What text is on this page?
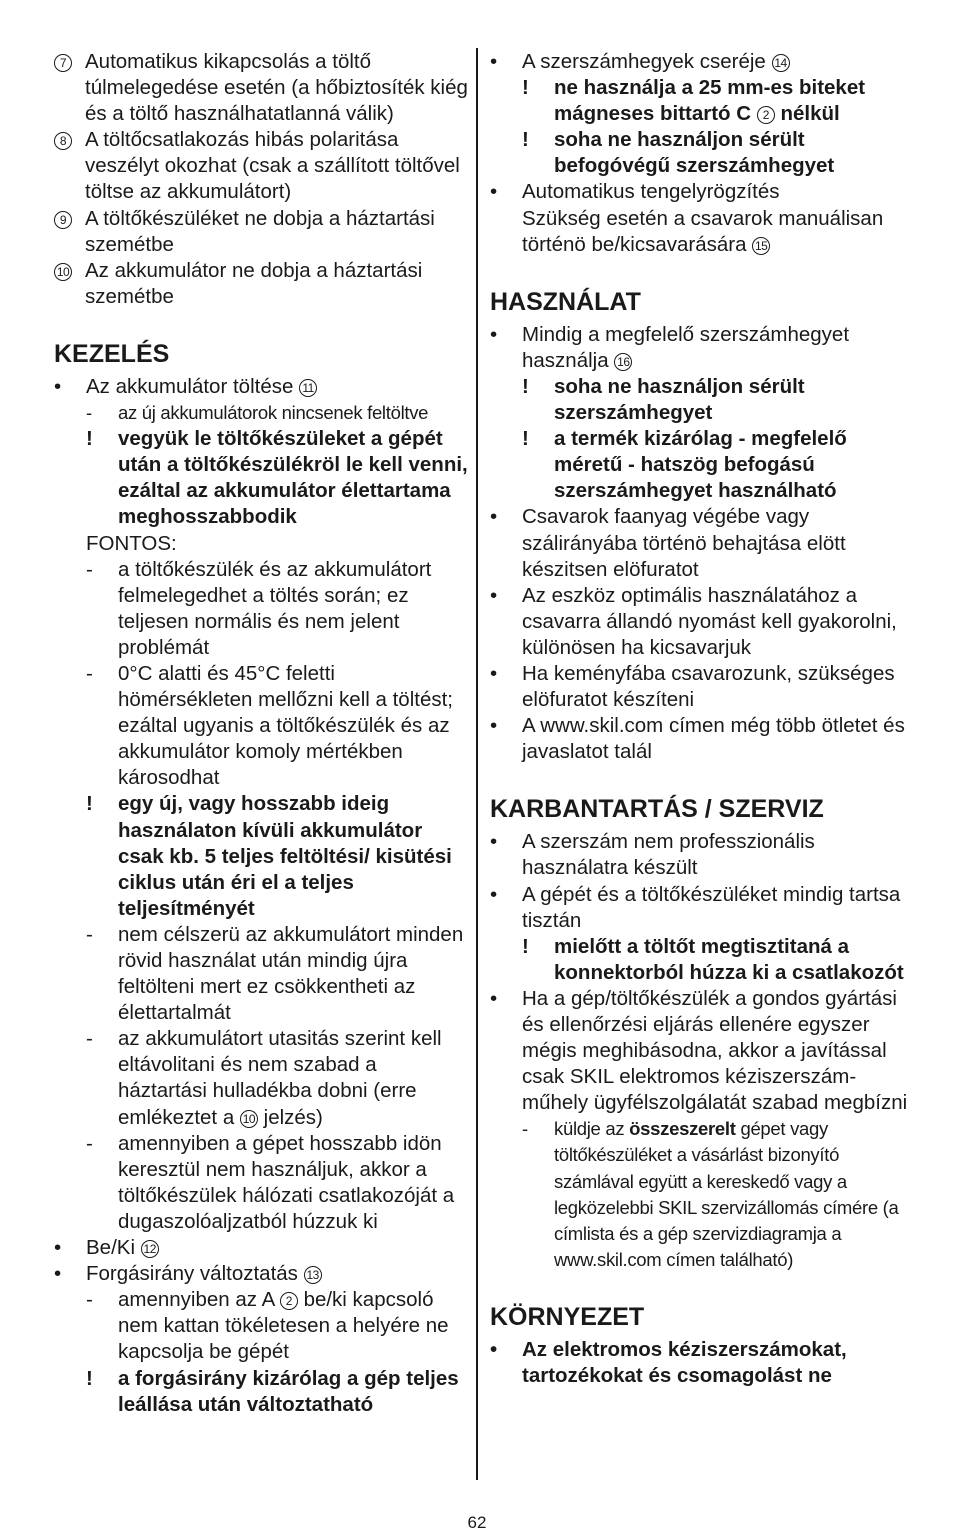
7 Automatikus kikapcsolás a töltő túlmelegedése esetén (a hőbiztosíték kiég és a töltő használhatatlanná válik)
8 A töltőcsatlakozás hibás polaritása veszélyt okozhat (csak a szállított töltővel töltse az akkumulátort)
9 A töltőkészüléket ne dobja a háztartási szemétbe
10 Az akkumulátor ne dobja a háztartási szemétbe
KEZELÉS
•	Az akkumulátor töltése 11
-	az új akkumulátorok nincsenek feltöltve
!	vegyük le töltőkészüleket a gépét után a töltőkészülékröl le kell venni, ezáltal az akkumulátor élettartama meghosszabbodik
FONTOS:
-	a töltőkészülék és az akkumulátort felmelegedhet a töltés során; ez teljesen normális és nem jelent problémát
-	0°C alatti és 45°C feletti hömérsékleten mellőzni kell a töltést; ezáltal ugyanis a töltőkészülék és az akkumulátor komoly mértékben károsodhat
!	egy új, vagy hosszabb ideig használaton kívüli akkumulátor csak kb. 5 teljes feltöltési/ kisütési ciklus után éri el a teljes teljesítményét
-	nem célszerü az akkumulátort minden rövid használat után mindig újra feltölteni mert ez csökkentheti az élettartalmát
-	az akkumulátort utasitás szerint kell eltávolitani és nem szabad a háztartási hulladékba dobni (erre emlékeztet a 10 jelzés)
-	amennyiben a gépet hosszabb idön keresztül nem használjuk, akkor a töltőkészülek hálózati csatlakozóját a dugaszolóaljzatból húzzuk ki
•	Be/Ki 12
•	Forgásirány változtatás 13
-	amennyiben az A 2 be/ki kapcsoló nem kattan tökéletesen a helyére ne kapcsolja be gépét
!	a forgásirány kizárólag a gép teljes leállása után változtatható
•	A szerszámhegyek cseréje 14
!	ne használja a 25 mm-es biteket mágneses bittartó C 2 nélkül
!	soha ne használjon sérült befogóvégű szerszámhegyet
•	Automatikus tengelyrögzítés
Szükség esetén a csavarok manuálisan történö be/kicsavarására 15
HASZNÁLAT
•	Mindig a megfelelő szerszámhegyet használja 16
!	soha ne használjon sérült szerszámhegyet
!	a termék kizárólag - megfelelő méretű - hatszög befogású szerszámhegyet használható
•	Csavarok faanyag végébe vagy szálirányába történö behajtása elött készitsen elöfuratot
•	Az eszköz optimális használatához a csavarra állandó nyomást kell gyakorolni, különösen ha kicsavarjuk
•	Ha keményfába csavarozunk, szükséges elöfuratot készíteni
•	A www.skil.com címen még több ötletet és javaslatot talál
KARBANTARTÁS / SZERVIZ
•	A szerszám nem professzionális használatra készült
•	A gépét és a töltőkészüléket mindig tartsa tisztán
!	mielőtt a töltőt megtisztitaná a konnektorból húzza ki a csatlakozót
•	Ha a gép/töltőkészülék a gondos gyártási és ellenőrzési eljárás ellenére egyszer mégis meghibásodna, akkor a javítással csak SKIL elektromos kéziszerszám-műhely ügyfélszolgálatát szabad megbízni
-	küldje az összeszerelt gépet vagy töltőkészüléket a vásárlást bizonyító számlával együtt a kereskedő vagy a legközelebbi SKIL szervizállomás címére (a címlista és a gép szervizdiagramja a www.skil.com címen található)
KÖRNYEZET
•	Az elektromos kéziszerszámokat, tartozékokat és csomagolást ne
62
